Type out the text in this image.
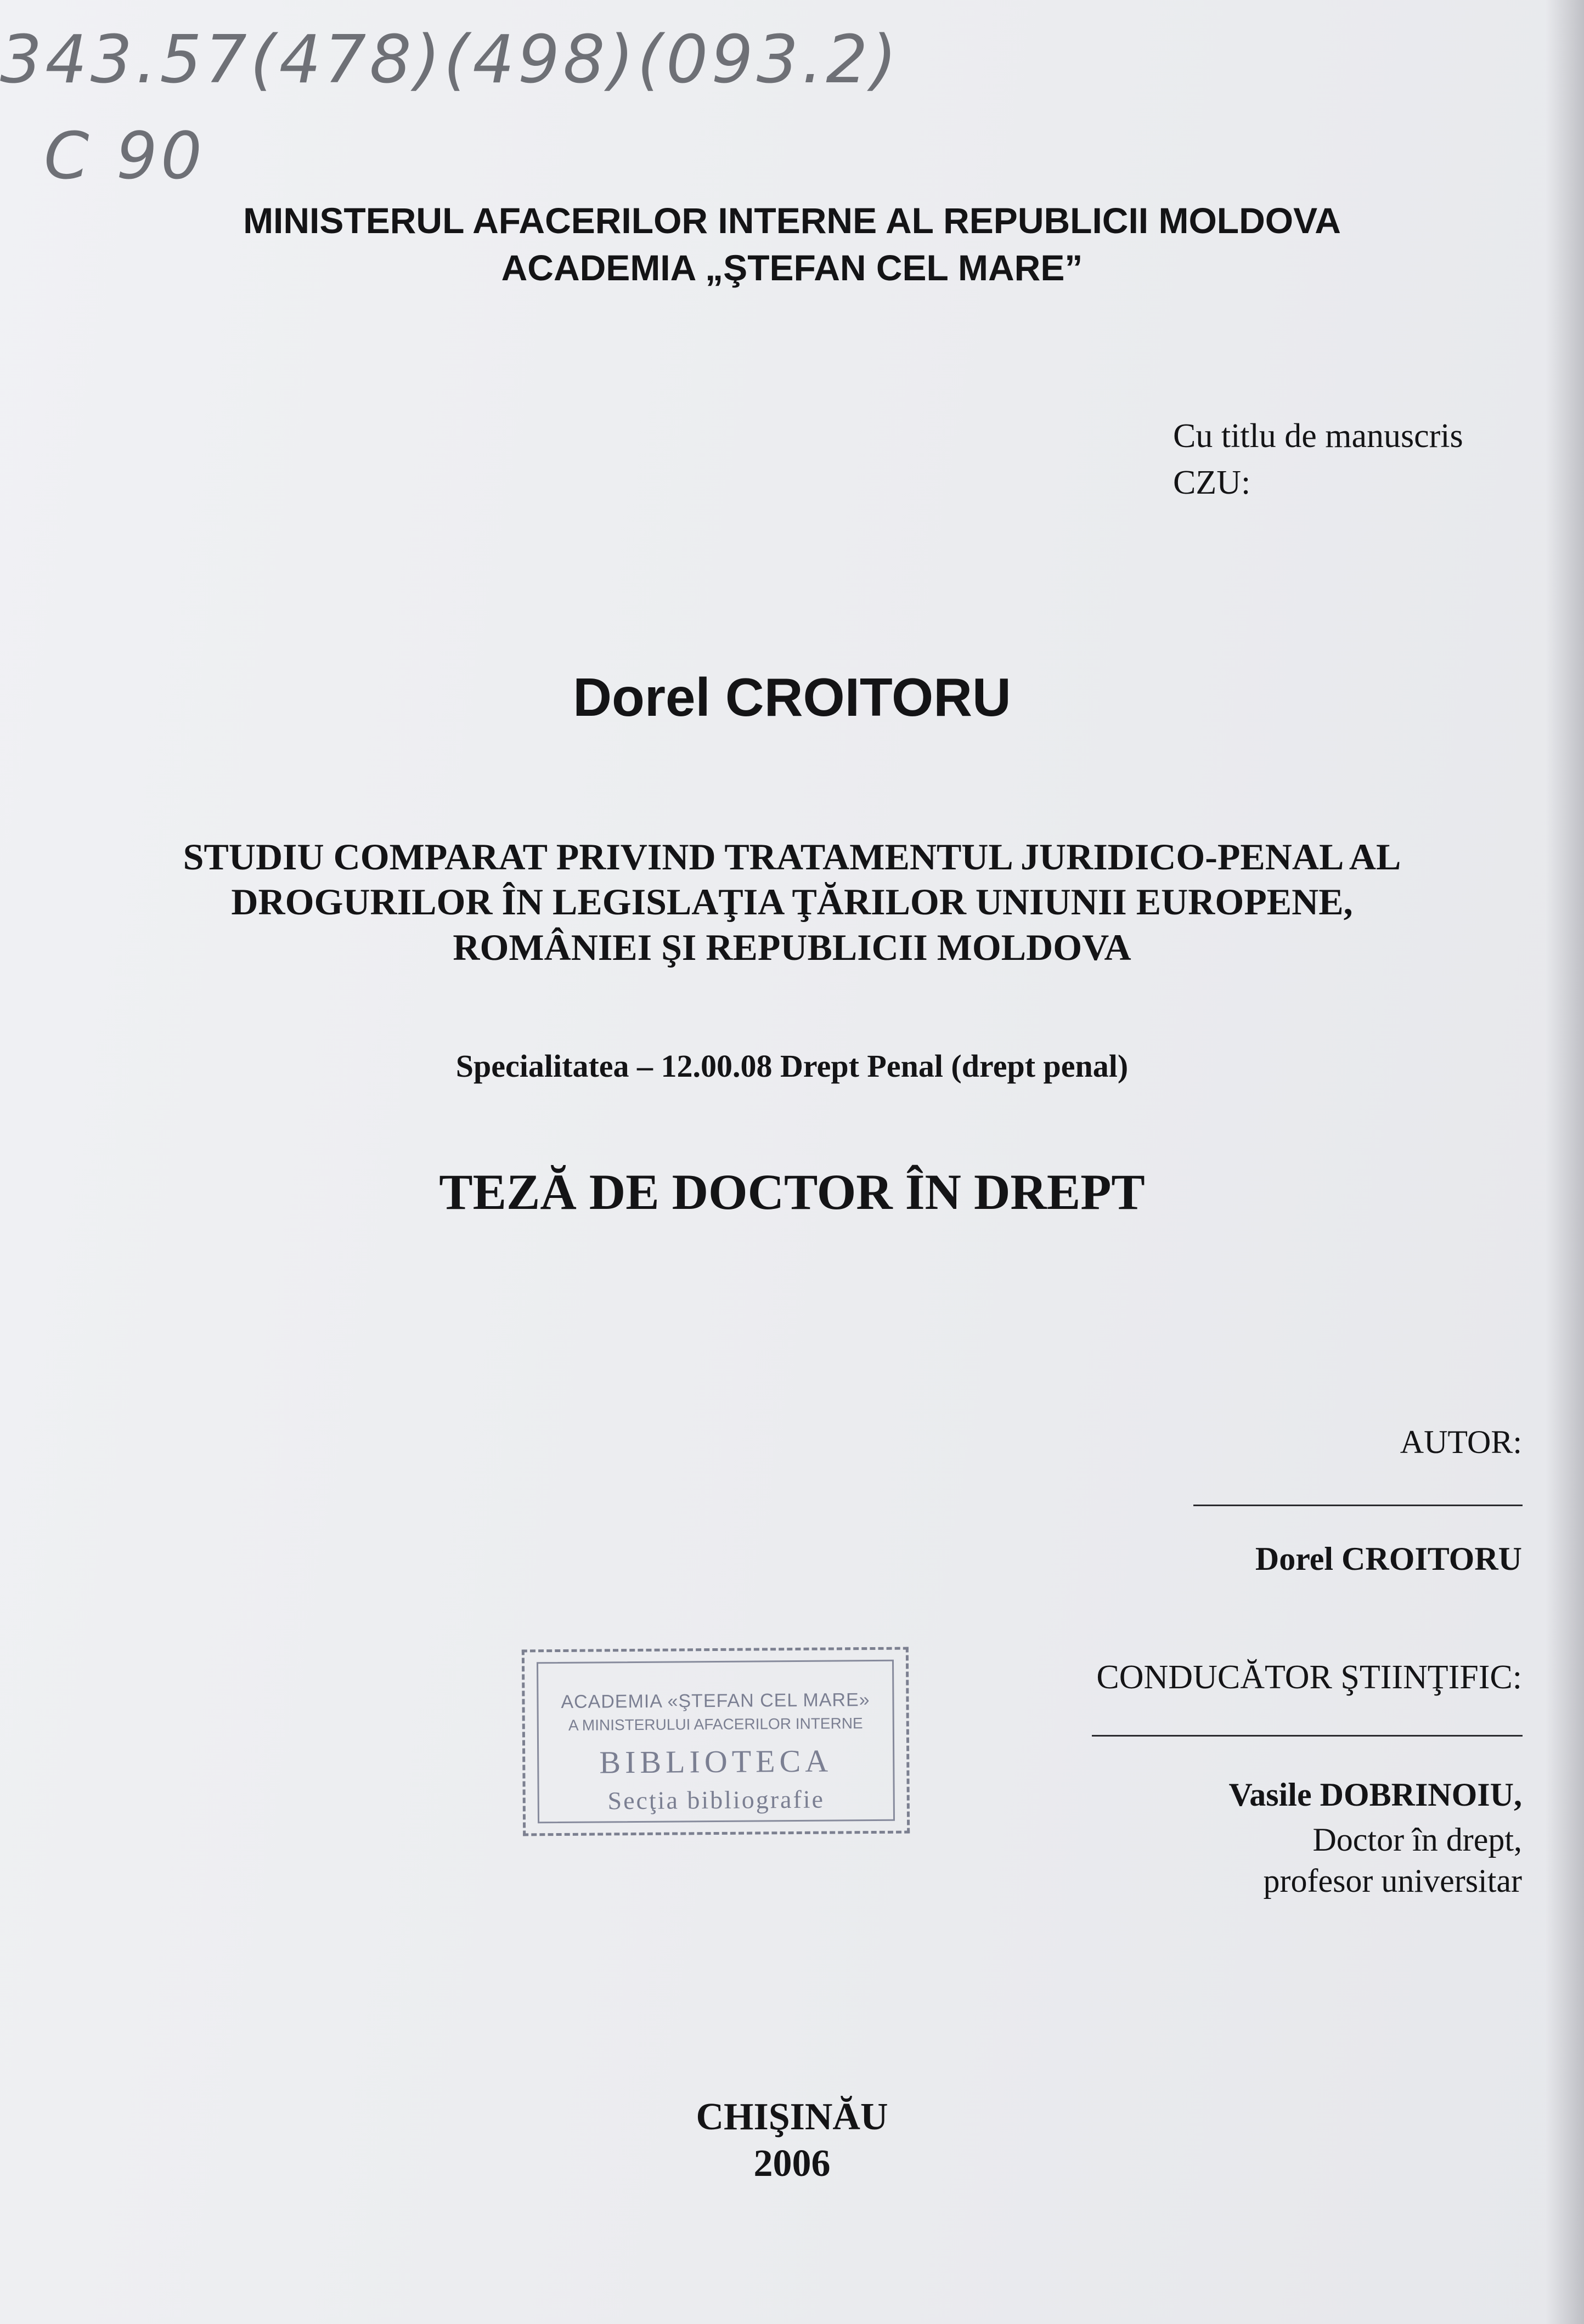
343.57(478)(498)(093.2)
C 90
MINISTERUL AFACERILOR INTERNE AL REPUBLICII MOLDOVA
ACADEMIA „ŞTEFAN CEL MARE”
Cu titlu de manuscris
CZU:
Dorel CROITORU
STUDIU COMPARAT PRIVIND TRATAMENTUL JURIDICO-PENAL AL
DROGURILOR ÎN LEGISLAŢIA ŢĂRILOR UNIUNII EUROPENE,
ROMÂNIEI ŞI REPUBLICII MOLDOVA
Specialitatea – 12.00.08 Drept Penal (drept penal)
TEZĂ DE DOCTOR ÎN DREPT
AUTOR:
Dorel CROITORU
CONDUCĂTOR ŞTIINŢIFIC:
Vasile DOBRINOIU,
Doctor în drept,
profesor universitar
ACADEMIA «ŞTEFAN CEL MARE»
A MINISTERULUI AFACERILOR INTERNE
BIBLIOTECA
Secţia bibliografie
CHIŞINĂU
2006
